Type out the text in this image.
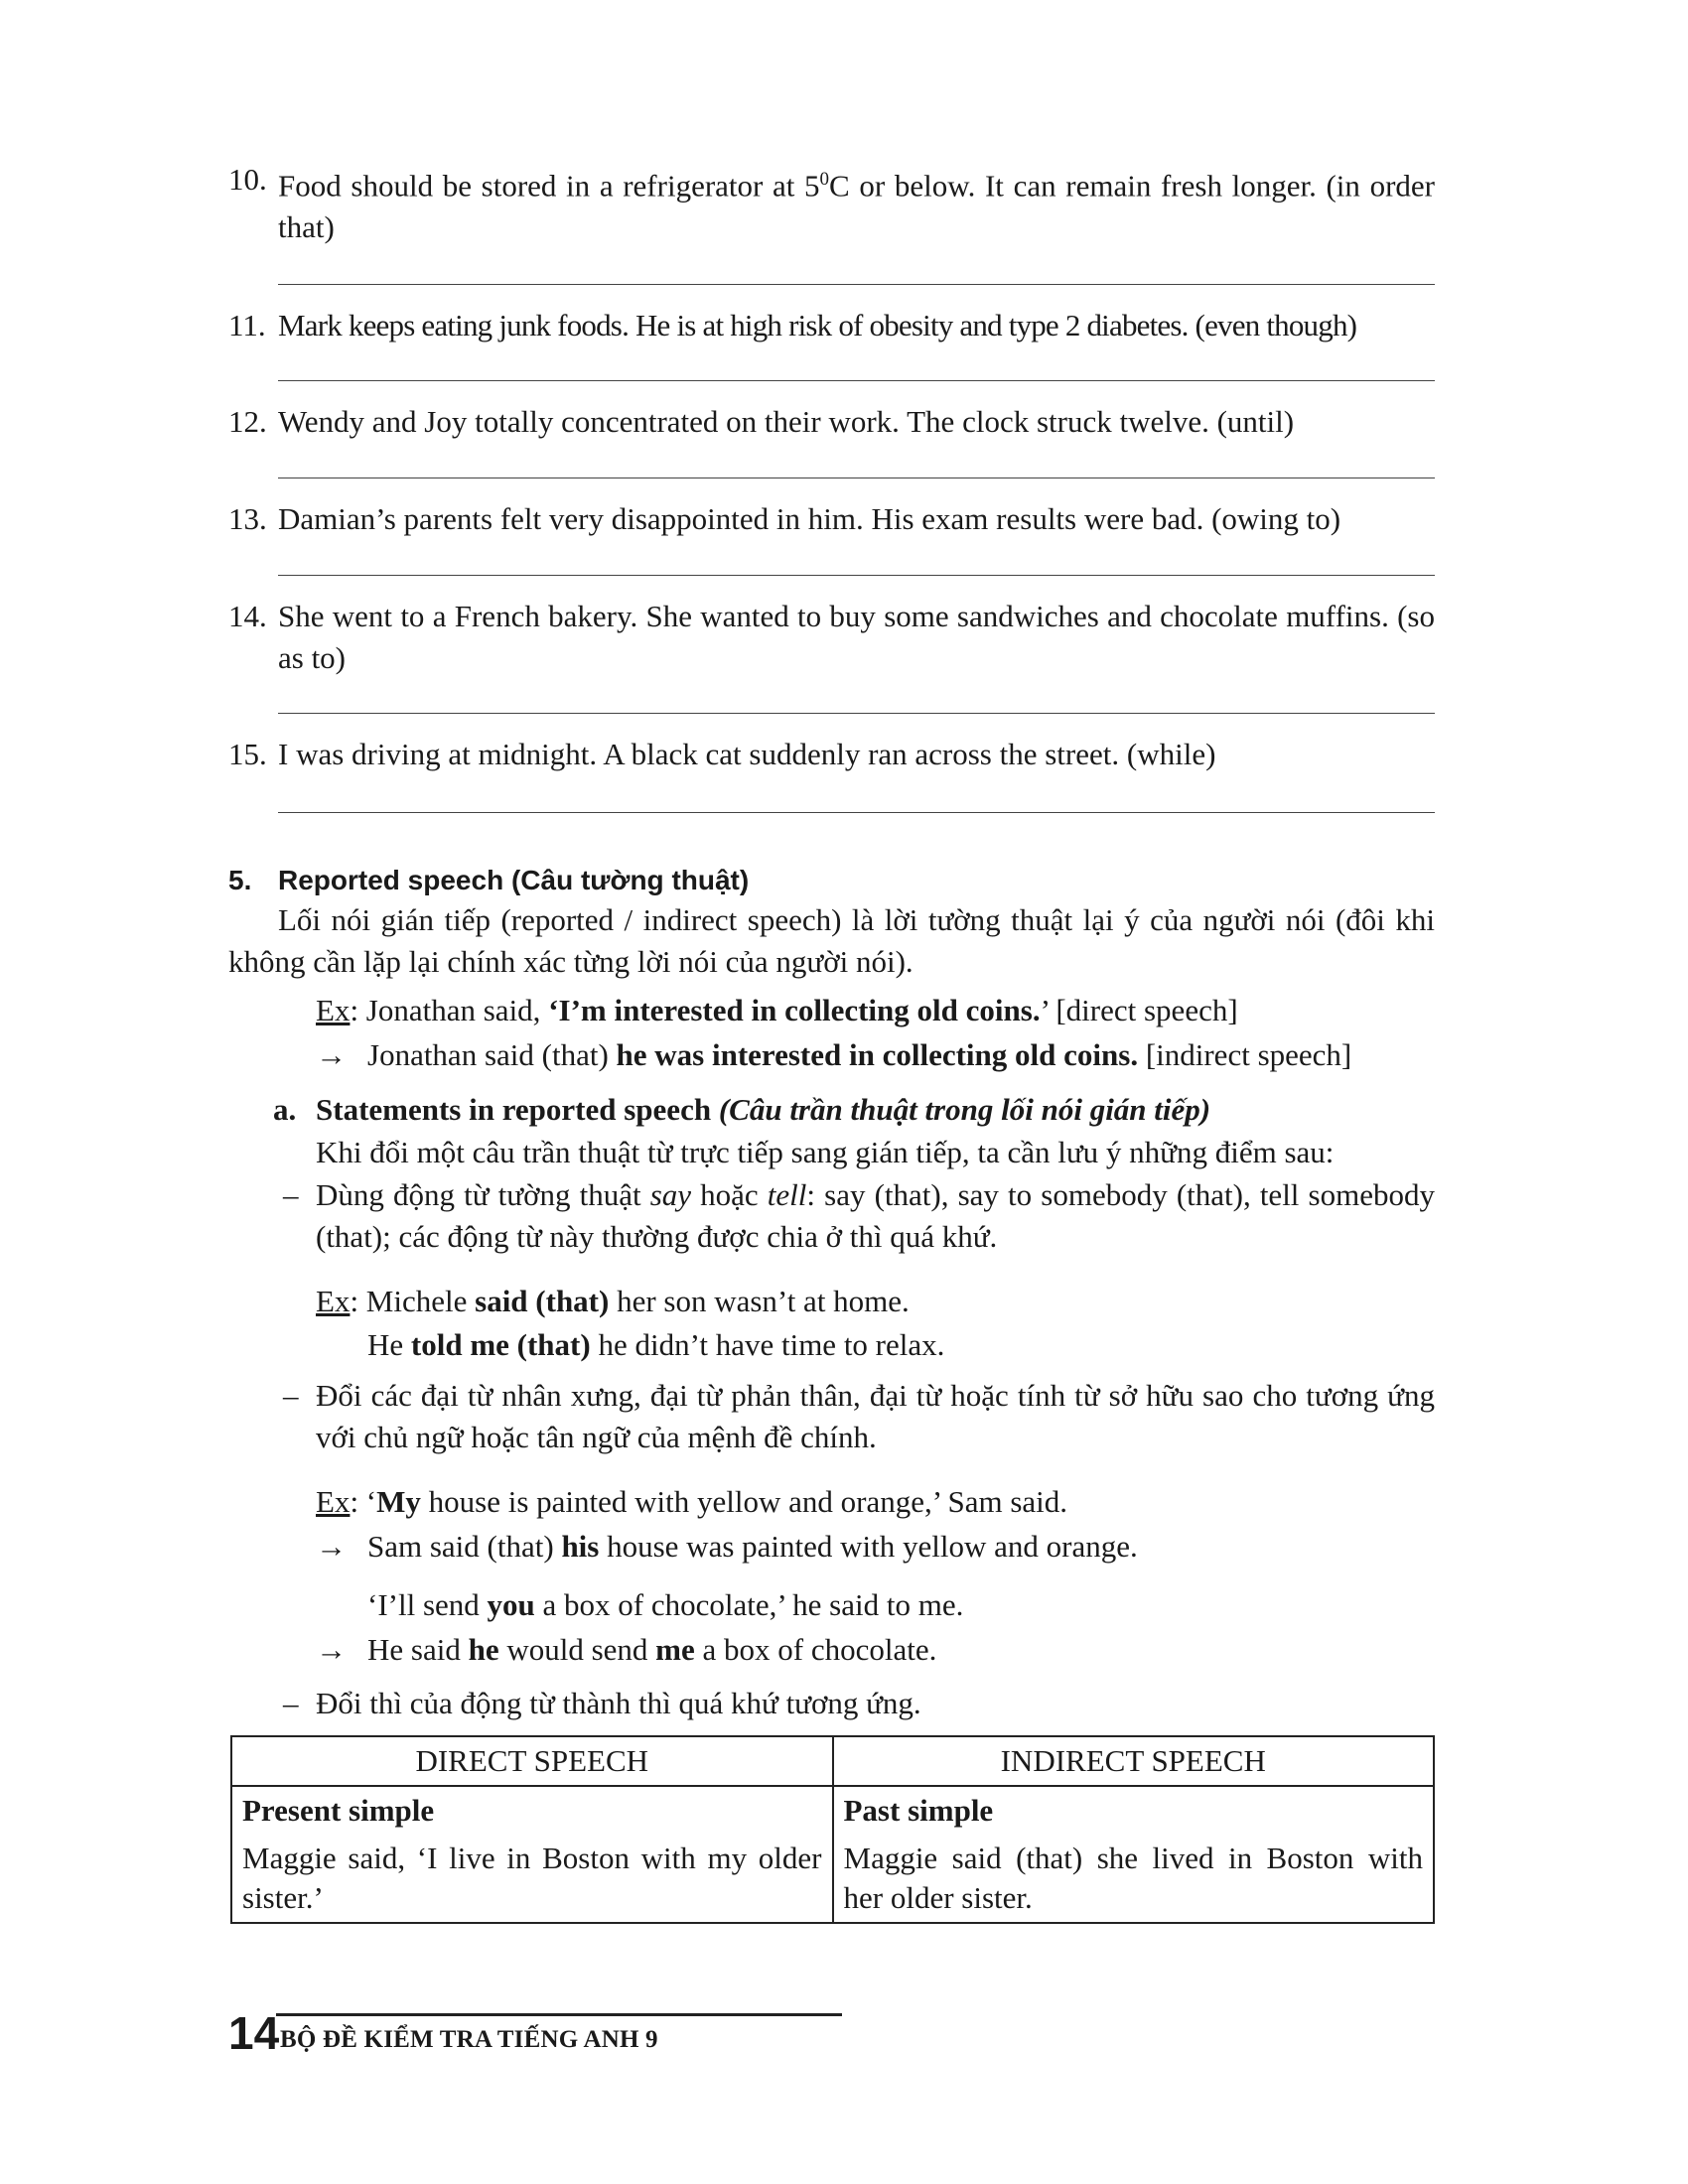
10. Food should be stored in a refrigerator at $5^0C$ or below. It can remain fresh longer. (in order that)
11. Mark keeps eating junk foods. He is at high risk of obesity and type 2 diabetes. (even though)
12. Wendy and Joy totally concentrated on their work. The clock struck twelve. (until)
13. Damian’s parents felt very disappointed in him. His exam results were bad. (owing to)
14. She went to a French bakery. She wanted to buy some sandwiches and chocolate muffins. (so as to)
15. I was driving at midnight. A black cat suddenly ran across the street. (while)
5. Reported speech (Câu tường thuật)
Lối nói gián tiếp (reported / indirect speech) là lời tường thuật lại ý của người nói (đôi khi không cần lặp lại chính xác từng lời nói của người nói).
Ex: Jonathan said, ‘I’m interested in collecting old coins.’ [direct speech]
→ Jonathan said (that) he was interested in collecting old coins. [indirect speech]
a. Statements in reported speech (Câu trần thuật trong lối nói gián tiếp)
Khi đổi một câu trần thuật từ trực tiếp sang gián tiếp, ta cần lưu ý những điểm sau:
– Dùng động từ tường thuật say hoặc tell: say (that), say to somebody (that), tell somebody (that); các động từ này thường được chia ở thì quá khứ.
Ex: Michele said (that) her son wasn’t at home.
He told me (that) he didn’t have time to relax.
– Đổi các đại từ nhân xưng, đại từ phản thân, đại từ hoặc tính từ sở hữu sao cho tương ứng với chủ ngữ hoặc tân ngữ của mệnh đề chính.
Ex: ‘My house is painted with yellow and orange,’ Sam said.
→ Sam said (that) his house was painted with yellow and orange.
‘I’ll send you a box of chocolate,’ he said to me.
→ He said he would send me a box of chocolate.
– Đổi thì của động từ thành thì quá khứ tương ứng.
DIRECT SPEECH	INDIRECT SPEECH
Present simple	Past simple
Maggie said, ‘I live in Boston with my older sister.’	Maggie said (that) she lived in Boston with her older sister.
14 BỘ ĐỀ KIỂM TRA TIẾNG ANH 9
